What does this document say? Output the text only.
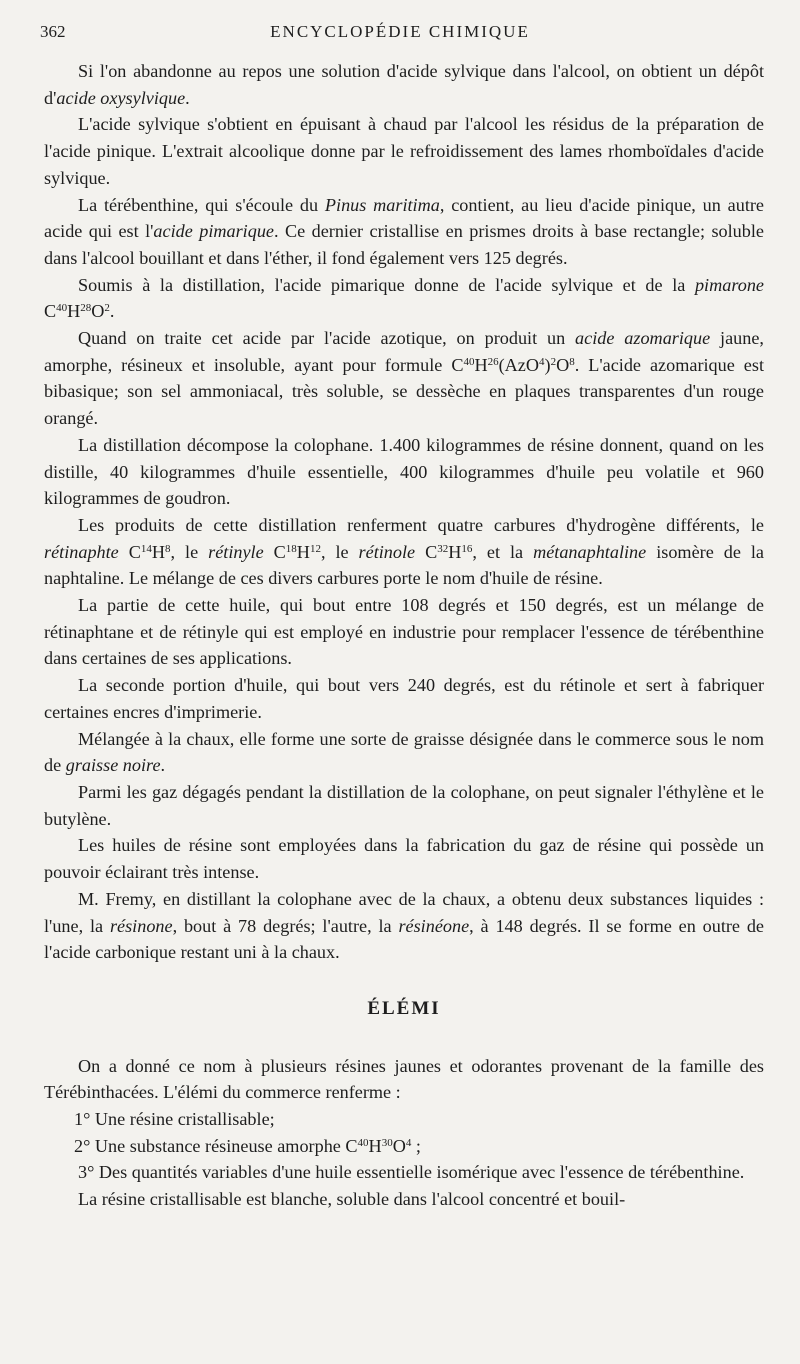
362	ENCYCLOPÉDIE CHIMIQUE

Si l'on abandonne au repos une solution d'acide sylvique dans l'alcool, on obtient un dépôt d'acide oxysylvique.

L'acide sylvique s'obtient en épuisant à chaud par l'alcool les résidus de la préparation de l'acide pinique. L'extrait alcoolique donne par le refroidissement des lames rhomboïdales d'acide sylvique.

La térébenthine, qui s'écoule du Pinus maritima, contient, au lieu d'acide pinique, un autre acide qui est l'acide pimarique. Ce dernier cristallise en prismes droits à base rectangle; soluble dans l'alcool bouillant et dans l'éther, il fond également vers 125 degrés.

Soumis à la distillation, l'acide pimarique donne de l'acide sylvique et de la pimarone $C^{40}H^{28}O^2$.

Quand on traite cet acide par l'acide azotique, on produit un acide azomarique jaune, amorphe, résineux et insoluble, ayant pour formule $C^{40}H^{26}(AzO^4)^2O^8$. L'acide azomarique est bibasique; son sel ammoniacal, très soluble, se dessèche en plaques transparentes d'un rouge orangé.

La distillation décompose la colophane. 1.400 kilogrammes de résine donnent, quand on les distille, 40 kilogrammes d'huile essentielle, 400 kilogrammes d'huile peu volatile et 960 kilogrammes de goudron.

Les produits de cette distillation renferment quatre carbures d'hydrogène différents, le rétinaphte $C^{14}H^8$, le rétinyle $C^{18}H^{12}$, le rétinole $C^{32}H^{16}$, et la métanaphtaline isomère de la naphtaline. Le mélange de ces divers carbures porte le nom d'huile de résine.

La partie de cette huile, qui bout entre 108 degrés et 150 degrés, est un mélange de rétinaphtane et de rétinyle qui est employé en industrie pour remplacer l'essence de térébenthine dans certaines de ses applications.

La seconde portion d'huile, qui bout vers 240 degrés, est du rétinole et sert à fabriquer certaines encres d'imprimerie.

Mélangée à la chaux, elle forme une sorte de graisse désignée dans le commerce sous le nom de graisse noire.

Parmi les gaz dégagés pendant la distillation de la colophane, on peut signaler l'éthylène et le butylène.

Les huiles de résine sont employées dans la fabrication du gaz de résine qui possède un pouvoir éclairant très intense.

M. Fremy, en distillant la colophane avec de la chaux, a obtenu deux substances liquides : l'une, la résinone, bout à 78 degrés; l'autre, la résinéone, à 148 degrés. Il se forme en outre de l'acide carbonique restant uni à la chaux.

ÉLÉMI

On a donné ce nom à plusieurs résines jaunes et odorantes provenant de la famille des Térébinthacées. L'élémi du commerce renferme :

1° Une résine cristallisable;

2° Une substance résineuse amorphe $C^{40}H^{30}O^4$ ;

3° Des quantités variables d'une huile essentielle isomérique avec l'essence de térébenthine.

La résine cristallisable est blanche, soluble dans l'alcool concentré et bouil-
